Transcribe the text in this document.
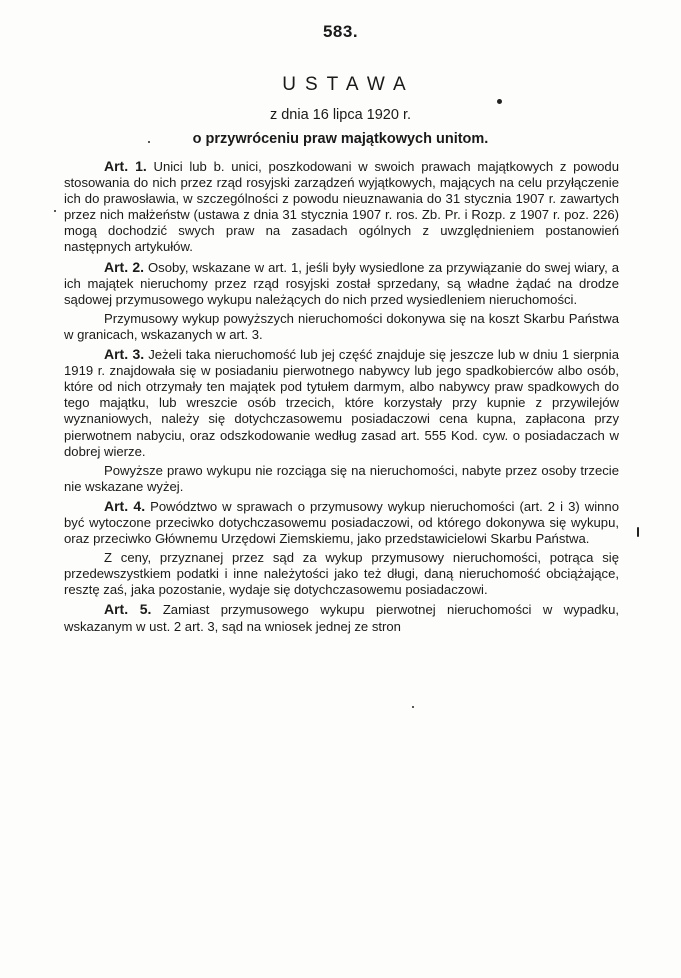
583.
USTAWA
z dnia 16 lipca 1920 r.
o przywróceniu praw majątkowych unitom.

Art. 1. Unici lub b. unici, poszkodowani w swoich prawach majątkowych z powodu stosowania do nich przez rząd rosyjski zarządzeń wyjątkowych, mających na celu przyłączenie ich do prawosławia, w szczególności z powodu nieuznawania do 31 stycznia 1907 r. zawartych przez nich małżeństw (ustawa z dnia 31 stycznia 1907 r. ros. Zb. Pr. i Rozp. z 1907 r. poz. 226) mogą dochodzić swych praw na zasadach ogólnych z uwzględnieniem postanowień następnych artykułów.

Art. 2. Osoby, wskazane w art. 1, jeśli były wysiedlone za przywiązanie do swej wiary, a ich majątek nieruchomy przez rząd rosyjski został sprzedany, są władne żądać na drodze sądowej przymusowego wykupu należących do nich przed wysiedleniem nieruchomości.

Przymusowy wykup powyższych nieruchomości dokonywa się na koszt Skarbu Państwa w granicach, wskazanych w art. 3.

Art. 3. Jeżeli taka nieruchomość lub jej część znajduje się jeszcze lub w dniu 1 sierpnia 1919 r. znajdowała się w posiadaniu pierwotnego nabywcy lub jego spadkobierców albo osób, które od nich otrzymały ten majątek pod tytułem darmym, albo nabywcy praw spadkowych do tego majątku, lub wreszcie osób trzecich, które korzystały przy kupnie z przywilejów wyznaniowych, należy się dotychczasowemu posiadaczowi cena kupna, zapłacona przy pierwotnem nabyciu, oraz odszkodowanie według zasad art. 555 Kod. cyw. o posiadaczach w dobrej wierze.

Powyższe prawo wykupu nie rozciąga się na nieruchomości, nabyte przez osoby trzecie nie wskazane wyżej.

Art. 4. Powództwo w sprawach o przymusowy wykup nieruchomości (art. 2 i 3) winno być wytoczone przeciwko dotychczasowemu posiadaczowi, od którego dokonywa się wykupu, oraz przeciwko Głównemu Urzędowi Ziemskiemu, jako przedstawicielowi Skarbu Państwa.

Z ceny, przyznanej przez sąd za wykup przymusowy nieruchomości, potrąca się przedewszystkiem podatki i inne należytości jako też długi, daną nieruchomość obciążające, resztę zaś, jaka pozostanie, wydaje się dotychczasowemu posiadaczowi.

Art. 5. Zamiast przymusowego wykupu pierwotnej nieruchomości w wypadku, wskazanym w ust. 2 art. 3, sąd na wniosek jednej ze stron
